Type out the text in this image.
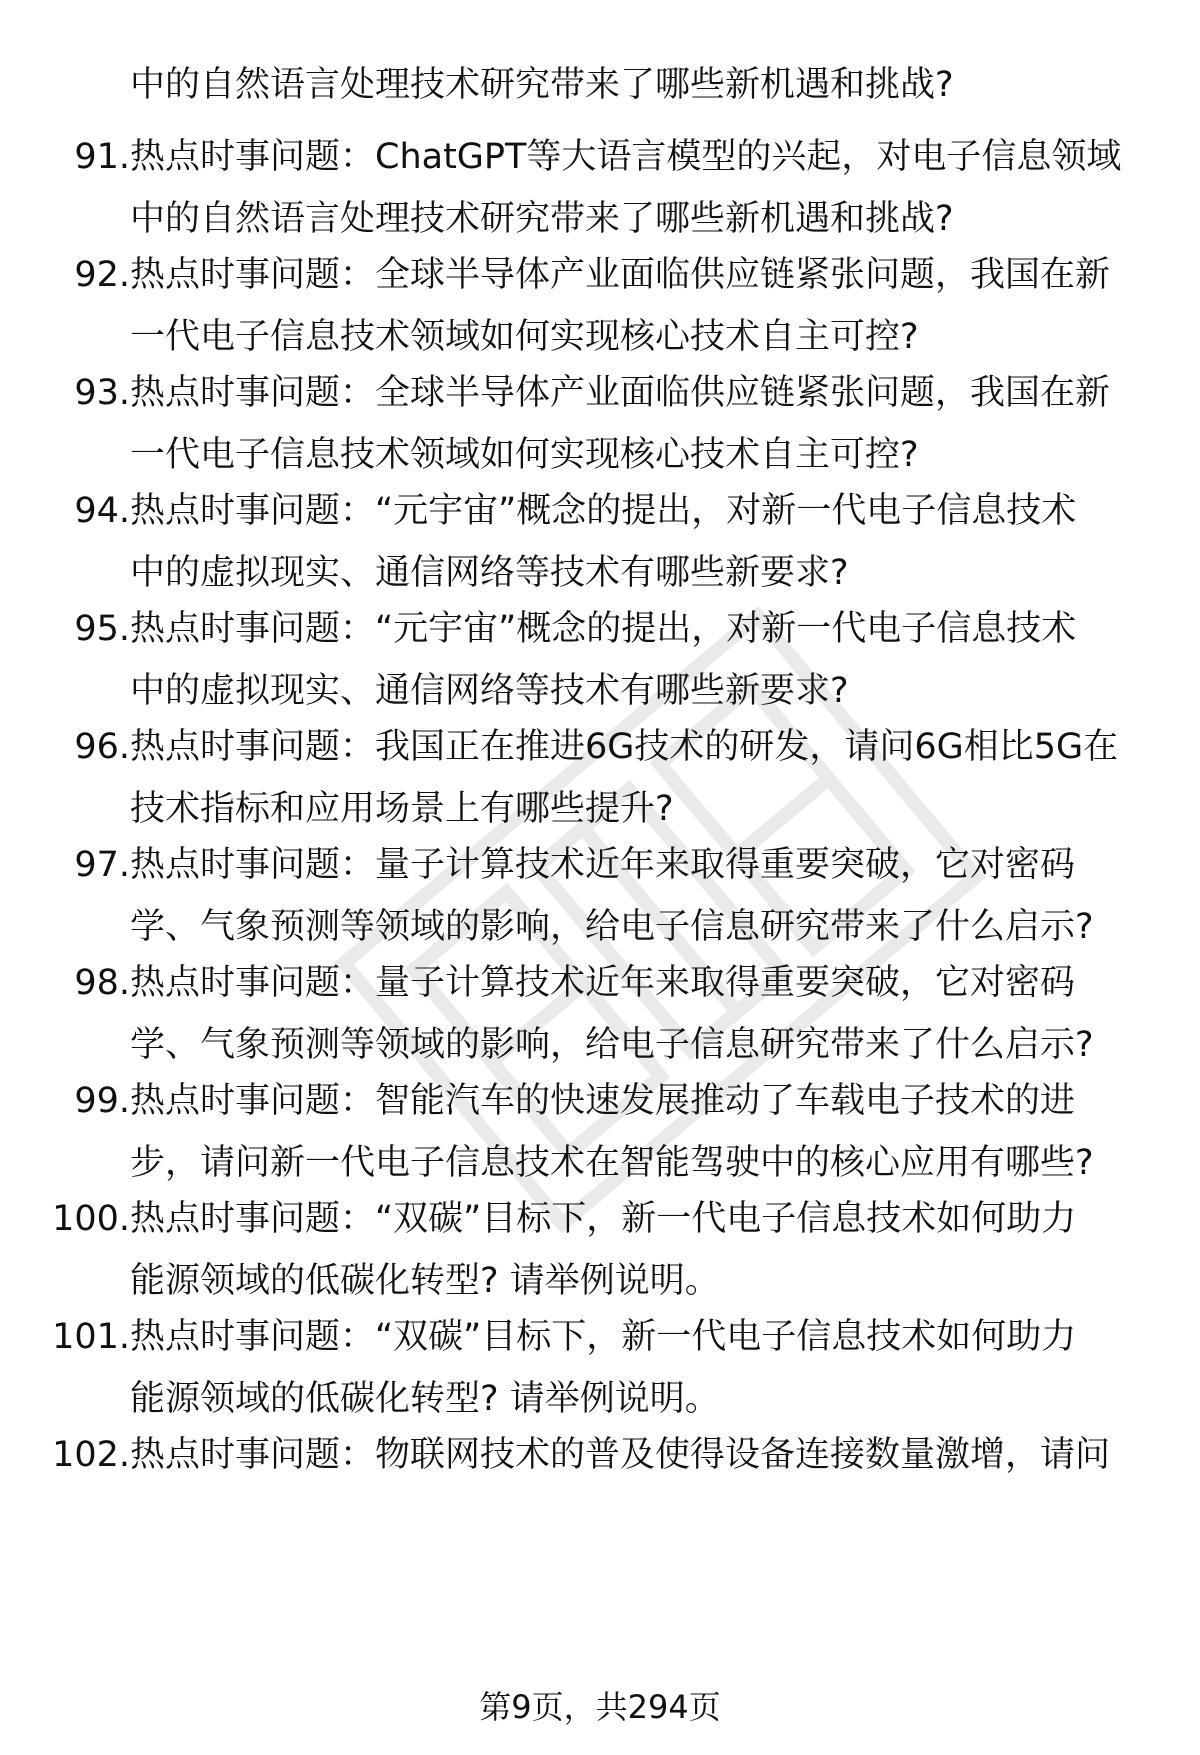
中的自然语言处理技术研究带来了哪些新机遇和挑战?
91. 热点时事问题：ChatGPT等大语言模型的兴起，对电子信息领域
中的自然语言处理技术研究带来了哪些新机遇和挑战?
92. 热点时事问题：全球半导体产业面临供应链紧张问题，我国在新
一代电子信息技术领域如何实现核心技术自主可控?
93. 热点时事问题：全球半导体产业面临供应链紧张问题，我国在新
一代电子信息技术领域如何实现核心技术自主可控?
94. 热点时事问题：“元宇宙”概念的提出，对新一代电子信息技术
中的虚拟现实、通信网络等技术有哪些新要求?
95. 热点时事问题：“元宇宙”概念的提出，对新一代电子信息技术
中的虚拟现实、通信网络等技术有哪些新要求?
96. 热点时事问题：我国正在推进6G技术的研发，请问6G相比5G在
技术指标和应用场景上有哪些提升?
97. 热点时事问题：量子计算技术近年来取得重要突破，它对密码
学、气象预测等领域的影响，给电子信息研究带来了什么启示?
98. 热点时事问题：量子计算技术近年来取得重要突破，它对密码
学、气象预测等领域的影响，给电子信息研究带来了什么启示?
99. 热点时事问题：智能汽车的快速发展推动了车载电子技术的进
步，请问新一代电子信息技术在智能驾驶中的核心应用有哪些?
100. 热点时事问题：“双碳”目标下，新一代电子信息技术如何助力
能源领域的低碳化转型? 请举例说明。
101. 热点时事问题：“双碳”目标下，新一代电子信息技术如何助力
能源领域的低碳化转型? 请举例说明。
102. 热点时事问题：物联网技术的普及使得设备连接数量激增，请问
第9页，共294页
